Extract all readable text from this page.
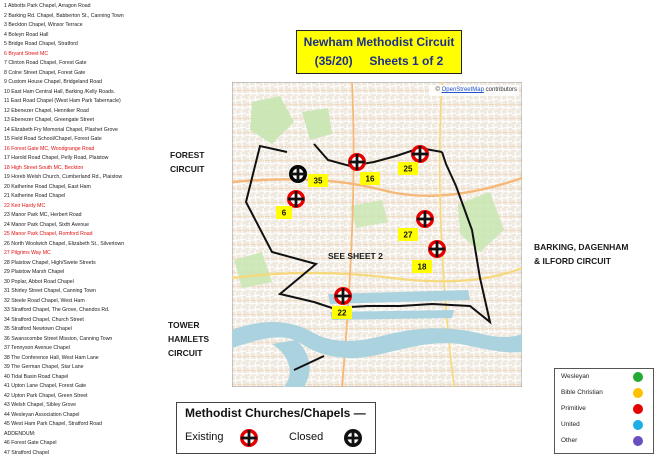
1 Abbotts Park Chapel, Arragon Road
2 Barking Rd. Chapel, Babberton St., Canning Town
3 Beckton Chapel, Winsor Terrace
4 Boleyn Road Hall
5 Bridge Road Chapel, Stratford
6 Bryant Street MC
7 Clinton Road Chapel, Forest Gate
8 Colne Street Chapel, Forest Gate
9 Custom House Chapel, Bridgeland Road
10 East Ham Central Hall, Barking /Kelly Roads.
11 East Road Chapel (West Ham Park Tabernacle)
12 Ebenezer Chapel, Henniker Road
13 Ebenezer Chapel, Greengate Street
14 Elizabeth Fry Memorial Chapel, Plashet Grove
15 Field Road School/Chapel, Forest Gate
16 Forest Gate MC, Woodgrange Road
17 Harold Road Chapel, Pelly Road, Plaistow
18 High Street South MC, Beckton
19 Horeb Welsh Church, Cumberland Rd., Plaistow
20 Katherine Road Chapel, East Ham
21 Katherine Road Chapel
22 Keir Hardy MC
23 Manor Park MC, Herbert Road
24 Manor Park Chapel, Sixth Avenue
25 Manor Park Chapel, Romford Road
26 North Woolwich Chapel, Elizabeth St., Silvertown
27 Pilgrims Way MC
28 Plaistow Chapel, High/Swete Streets
29 Plaistow Marsh Chapel
30 Poplar, Abbot Road Chapel
31 Shirley Street Chapel, Canning Town
32 Steele Road Chapel, West Ham
33 Stratford Chapel, The Grove, Chandos Rd.
34 Stratford Chapel, Church Street
35 Stratford Newtown Chapel
36 Swanscombe Street Mission, Canning Town
37 Tennyson Avenue Chapel
38 The Conference Hall, West Ham Lane
39 The German Chapel, Star Lane
40 Tidal Basin Road Chapel
41 Upton Lane Chapel, Forest Gate
42 Upton Park Chapel, Green Street
43 Welsh Chapel, Sibley Grove
44 Wesleyan Association Chapel
45 West Ham Park Chapel, Stratford Road
ADDENDUM:
46 Forest Gate Chapel
47 Stratford Chapel
Newham Methodist Circuit
(35/20)     Sheets 1 of 2
SEE SHEET 2
35	16
25
6
27
18
22
© OpenStreetMap contributors
FOREST
CIRCUIT
TOWER
HAMLETS
CIRCUIT
BARKING, DAGENHAM
& ILFORD CIRCUIT
Wesleyan
Bible Christian
Primitive
United
Other
Methodist Churches/Chapels —
Existing	Closed
